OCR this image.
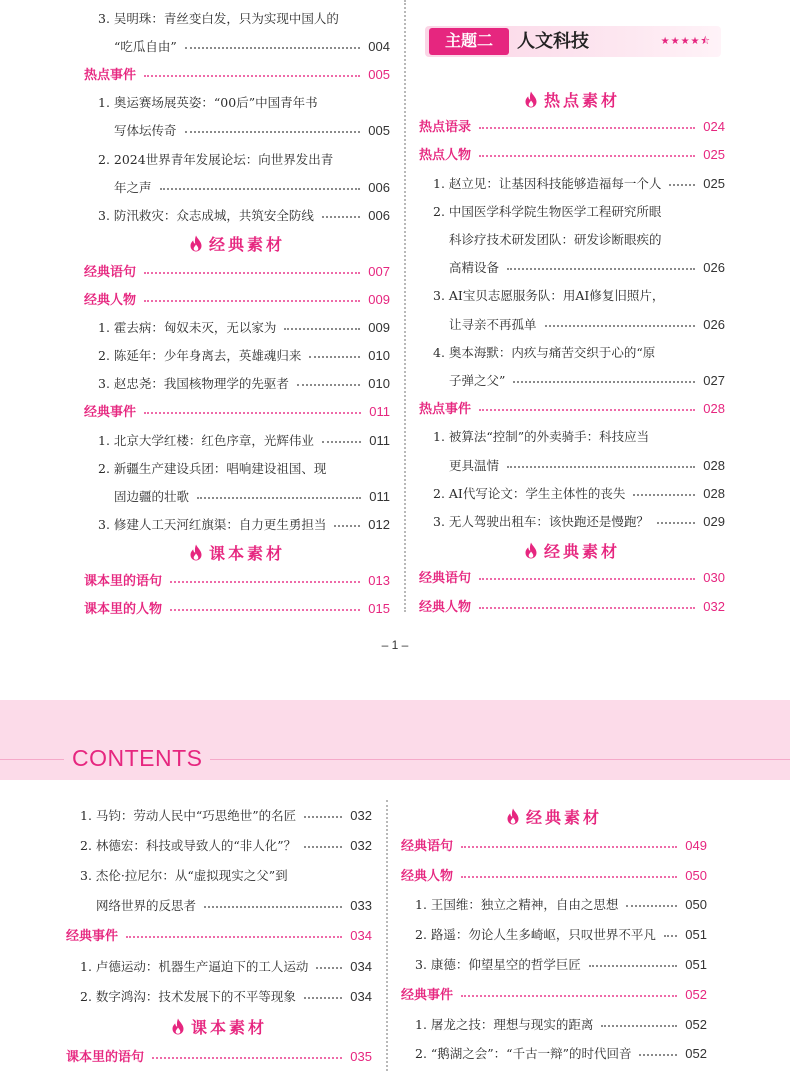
主题二	人文科技	★★★★⯪
– 1 –
CONTENTS
3. 吴明珠：青丝变白发，只为实现中国人的
“吃瓜自由”	004
热点事件	005
1. 奥运赛场展英姿：“00后”中国青年书
写体坛传奇	005
2. 2024世界青年发展论坛：向世界发出青
年之声	006
3. 防汛救灾：众志成城，共筑安全防线	006
经典素材
经典语句	007
经典人物	009
1. 霍去病：匈奴未灭，无以家为	009
2. 陈延年：少年身离去，英雄魂归来	010
3. 赵忠尧：我国核物理学的先驱者	010
经典事件	011
1. 北京大学红楼：红色序章，光辉伟业	011
2. 新疆生产建设兵团：唱响建设祖国、现
固边疆的壮歌	011
3. 修建人工天河红旗渠：自力更生勇担当	012
课本素材
课本里的语句	013
课本里的人物	015
热点素材
热点语录	024
热点人物	025
1. 赵立见：让基因科技能够造福每一个人	025
2. 中国医学科学院生物医学工程研究所眼
科诊疗技术研发团队：研发诊断眼疾的
高精设备	026
3. AI宝贝志愿服务队：用AI修复旧照片，
让寻亲不再孤单	026
4. 奥本海默：内疚与痛苦交织于心的“原
子弹之父”	027
热点事件	028
1. 被算法“控制”的外卖骑手：科技应当
更具温情	028
2. AI代写论文：学生主体性的丧失	028
3. 无人驾驶出租车：该快跑还是慢跑？	029
经典素材
经典语句	030
经典人物	032
1. 马钧：劳动人民中“巧思绝世”的名匠	032
2. 林德宏：科技或导致人的“非人化”？	032
3. 杰伦·拉尼尔：从“虚拟现实之父”到
网络世界的反思者	033
经典事件	034
1. 卢德运动：机器生产逼迫下的工人运动	034
2. 数字鸿沟：技术发展下的不平等现象	034
课本素材
课本里的语句	035
经典素材
经典语句	049
经典人物	050
1. 王国维：独立之精神，自由之思想	050
2. 路遥：勿论人生多崎岖，只叹世界不平凡 051
3. 康德：仰望星空的哲学巨匠	051
经典事件	052
1. 屠龙之技：理想与现实的距离	052
2. “鹅湖之会”：“千古一辩”的时代回音	052
